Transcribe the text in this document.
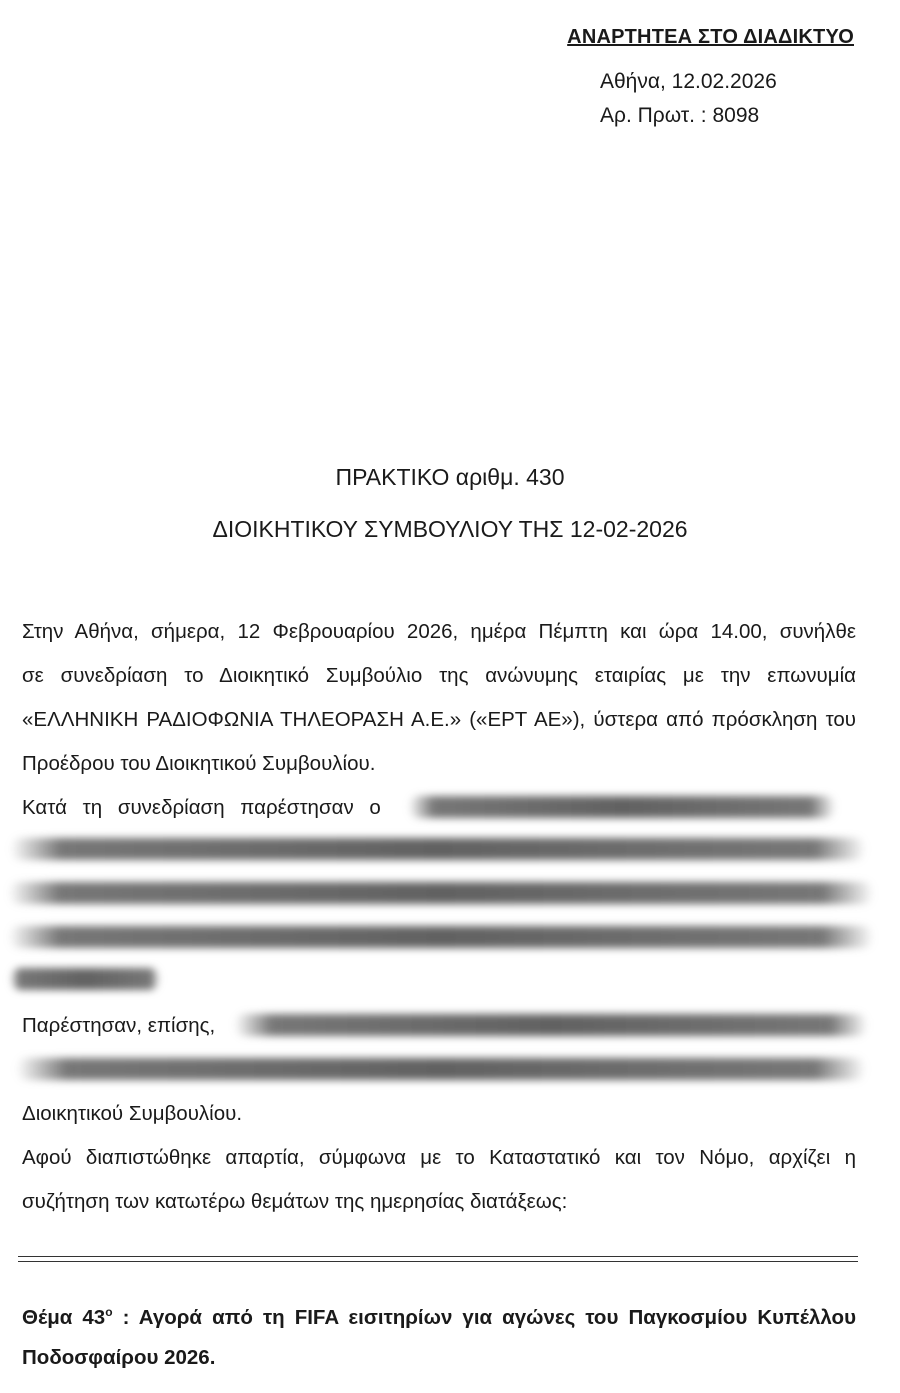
ΑΝΑΡΤΗΤΕΑ ΣΤΟ ΔΙΑΔΙΚΤΥΟ
Αθήνα, 12.02.2026
Αρ. Πρωτ. : 8098
ΠΡΑΚΤΙΚΟ αριθμ. 430
ΔΙΟΙΚΗΤΙΚΟΥ ΣΥΜΒΟΥΛΙΟΥ ΤΗΣ 12-02-2026
Στην Αθήνα, σήμερα, 12 Φεβρουαρίου 2026, ημέρα Πέμπτη και ώρα 14.00, συνήλθε
σε συνεδρίαση το Διοικητικό Συμβούλιο της ανώνυμης εταιρίας με την επωνυμία
«ΕΛΛΗΝΙΚΗ ΡΑΔΙΟΦΩΝΙΑ ΤΗΛΕΟΡΑΣΗ Α.Ε.» («ΕΡΤ ΑΕ»), ύστερα από πρόσκληση του
Προέδρου του Διοικητικού Συμβουλίου.
Κατά τη συνεδρίαση παρέστησαν ο
Παρέστησαν, επίσης,
Διοικητικού Συμβουλίου.
Αφού διαπιστώθηκε απαρτία, σύμφωνα με το Καταστατικό και τον Νόμο, αρχίζει η
συζήτηση των κατωτέρω θεμάτων της ημερησίας διατάξεως:
Θέμα $43^o$ : Αγορά από τη FIFA εισιτηρίων για αγώνες του Παγκοσμίου Κυπέλλου Ποδοσφαίρου 2026.
